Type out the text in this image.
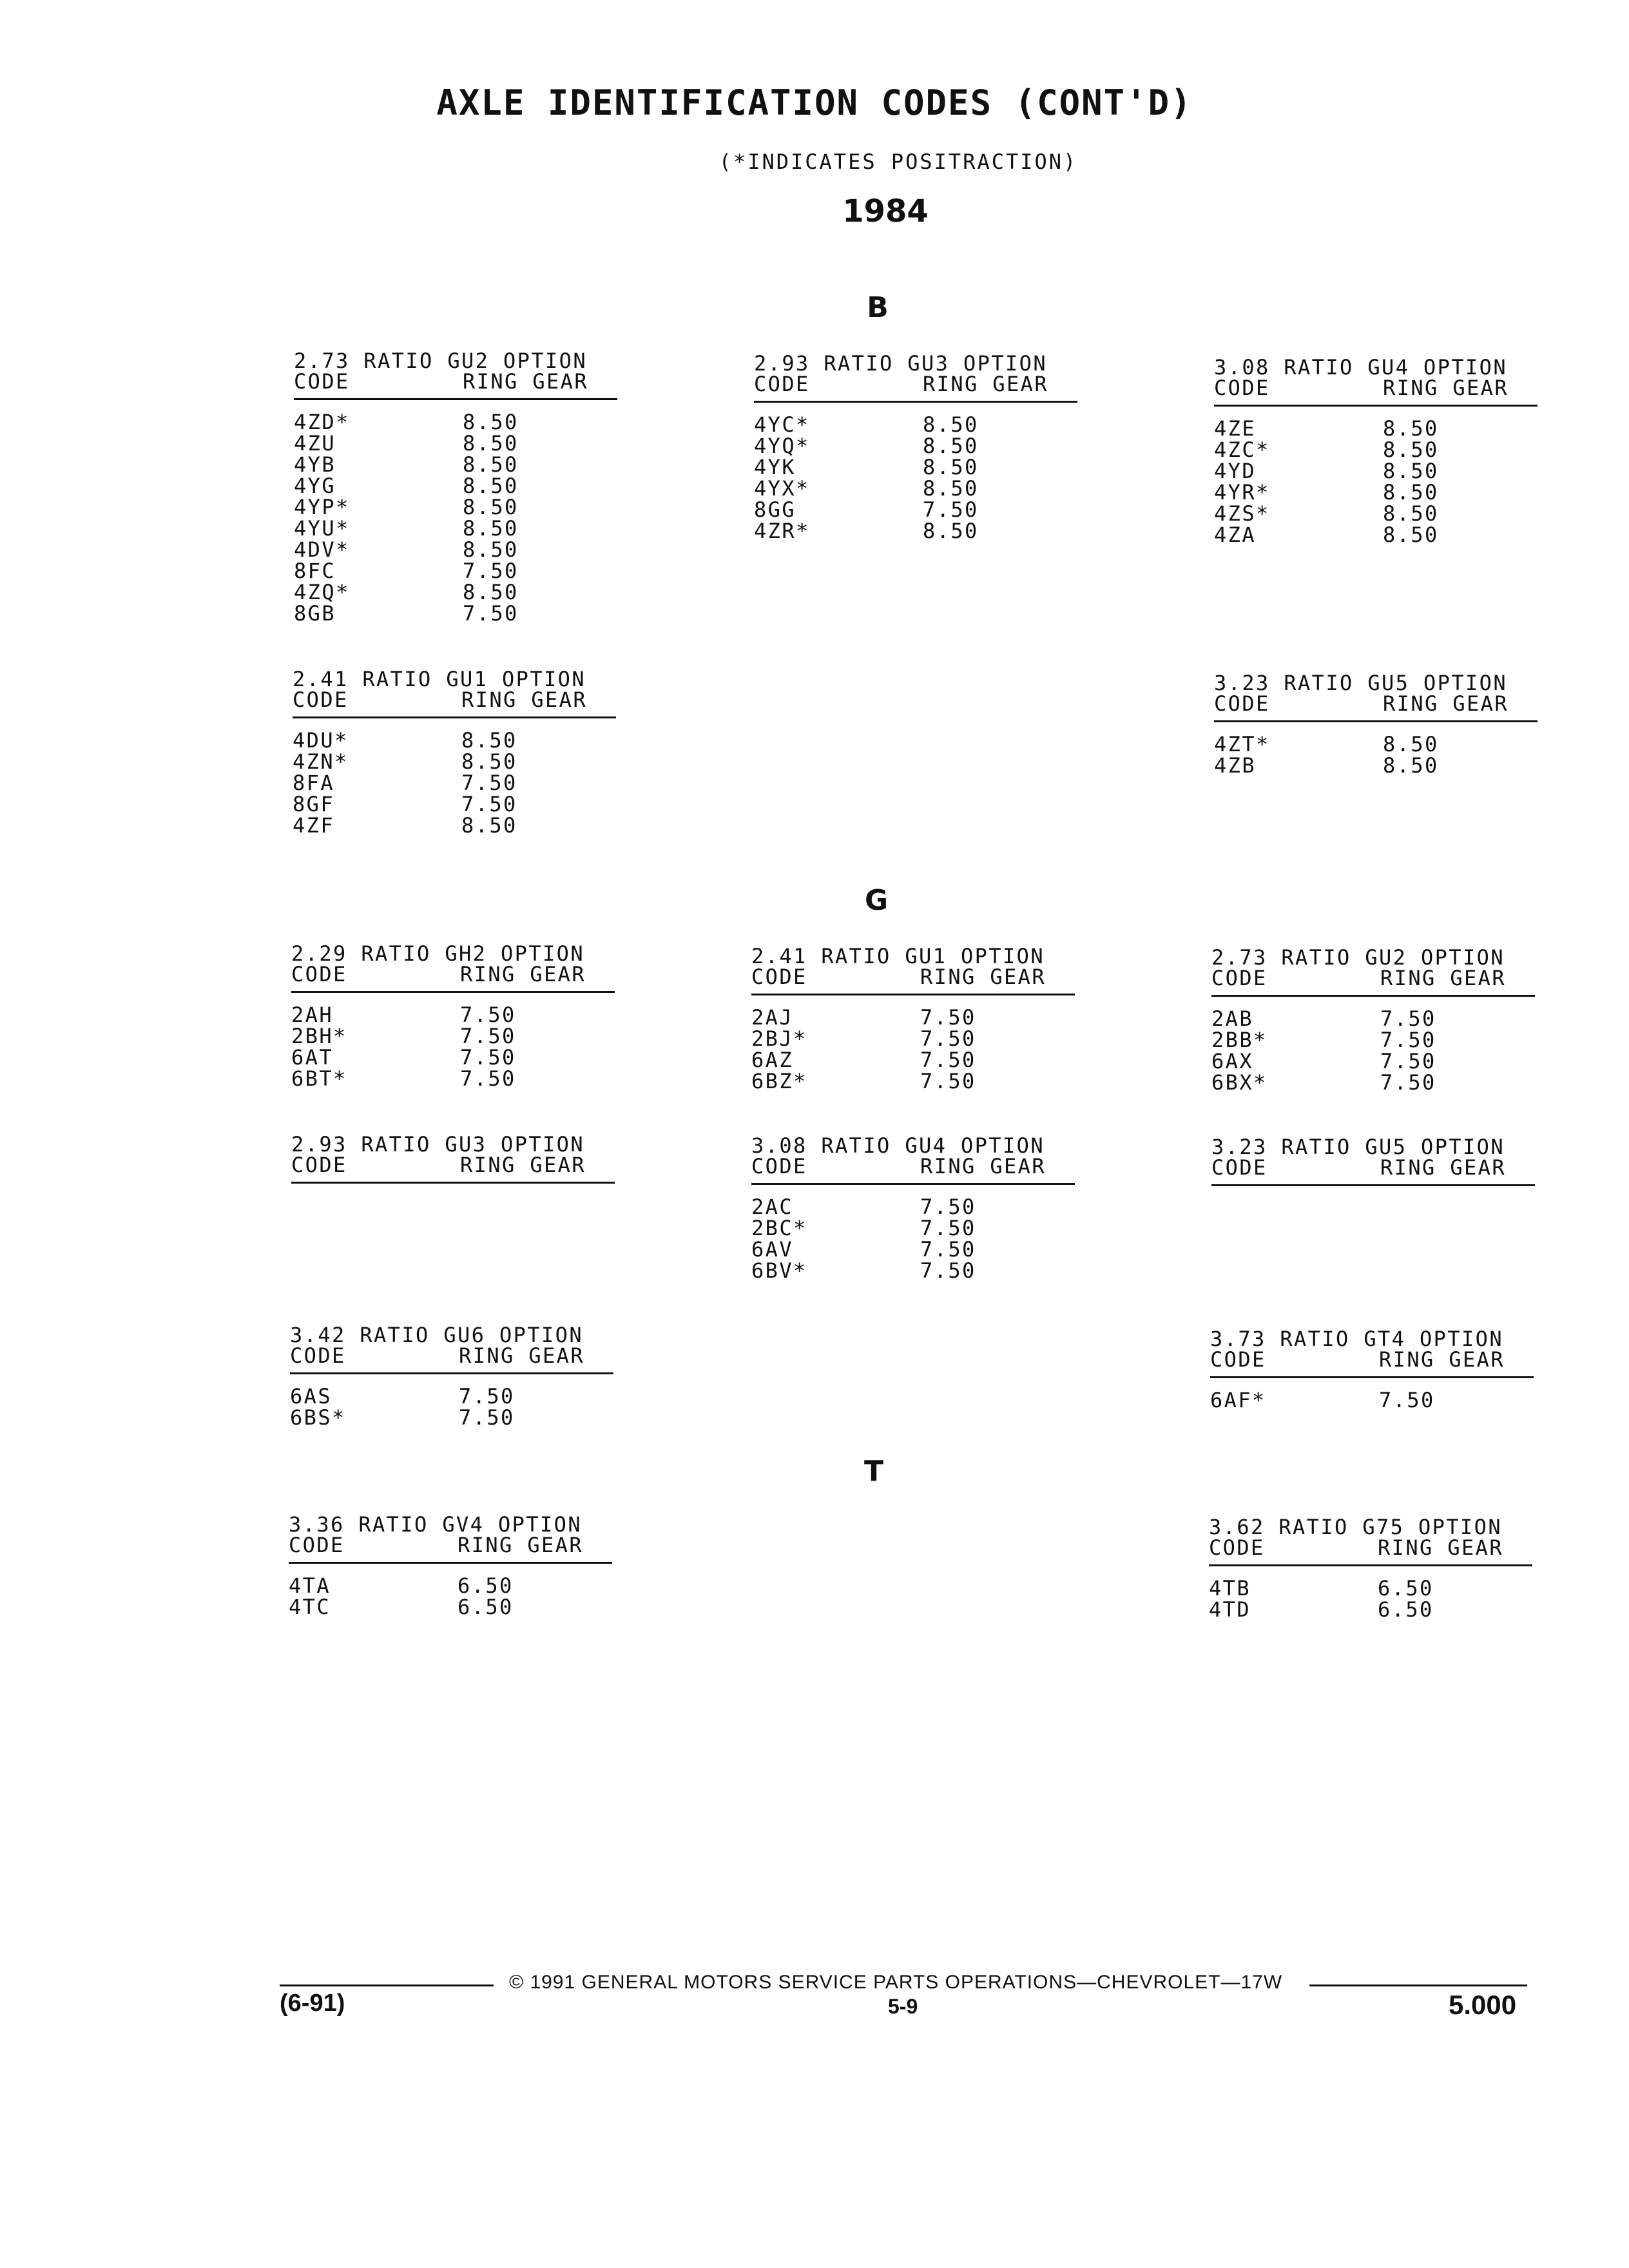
AXLE IDENTIFICATION CODES (CONT'D)
(*INDICATES POSITRACTION)
1984
B
2.73
RATIO
GU2 OPTION
CODE	RING GEAR
4ZD*	8.50
4ZU	8.50
4YB	8.50
4YG	8.50
4YP*	8.50
4YU*	8.50
4DV*	8.50
8FC	7.50
4ZQ*	8.50
8GB	7.50
2.93
RATIO
GU3 OPTION
CODE	RING GEAR
4YC*	8.50
4YQ*	8.50
4YK	8.50
4YX*	8.50
8GG	7.50
4ZR*	8.50
3.08
RATIO
GU4 OPTION
CODE	RING GEAR
4ZE	8.50
4ZC*	8.50
4YD	8.50
4YR*	8.50
4ZS*	8.50
4ZA	8.50
2.41
RATIO
GU1 OPTION
CODE	RING GEAR
4DU*	8.50
4ZN*	8.50
8FA	7.50
8GF	7.50
4ZF	8.50
3.23
RATIO
GU5 OPTION
CODE	RING GEAR
4ZT*	8.50
4ZB	8.50
G
2.29
RATIO
GH2 OPTION
CODE	RING GEAR
2AH	7.50
2BH*	7.50
6AT	7.50
6BT*	7.50
2.41
RATIO
GU1 OPTION
CODE	RING GEAR
2AJ	7.50
2BJ*	7.50
6AZ	7.50
6BZ*	7.50
2.73
RATIO
GU2 OPTION
CODE	RING GEAR
2AB	7.50
2BB*	7.50
6AX	7.50
6BX*	7.50
2.93
RATIO
GU3 OPTION
CODE	RING GEAR
3.08
RATIO
GU4 OPTION
CODE	RING GEAR
2AC	7.50
2BC*	7.50
6AV	7.50
6BV*	7.50
3.23
RATIO
GU5 OPTION
CODE	RING GEAR
3.42
RATIO
GU6 OPTION
CODE	RING GEAR
6AS	7.50
6BS*	7.50
3.73
RATIO
GT4 OPTION
CODE	RING GEAR
6AF*	7.50
T
3.36
RATIO
GV4 OPTION
CODE	RING GEAR
4TA	6.50
4TC	6.50
3.62
RATIO
G75 OPTION
CODE	RING GEAR
4TB	6.50
4TD	6.50
© 1991 GENERAL MOTORS SERVICE PARTS OPERATIONS—CHEVROLET—17W
(6-91)	5-9	5.000
